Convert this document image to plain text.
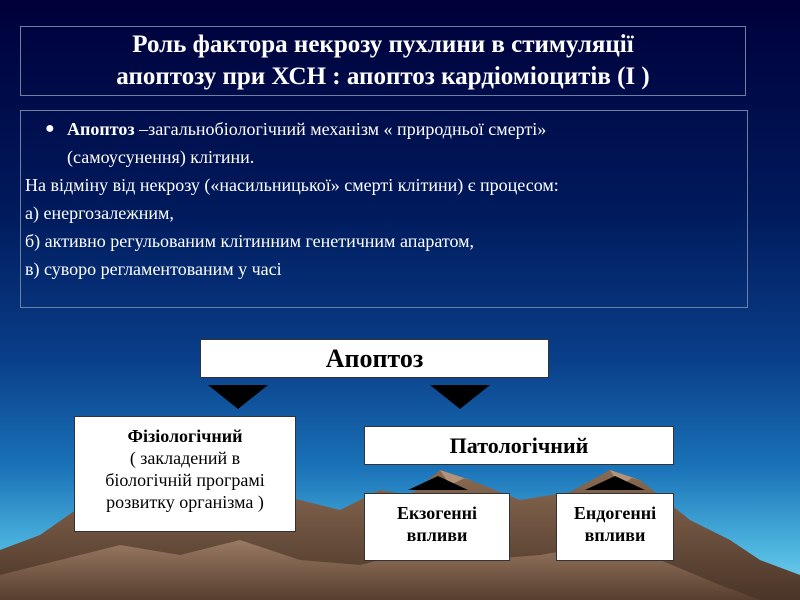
Роль фактора некрозу пухлини в стимуляції
апоптозу при ХСН : апоптоз кардіоміоцитів (І )
● Апоптоз –загальнобіологічний механізм « природньої смерті»
(самоусунення) клітини.
На відміну від некрозу («насильницької» смерті клітини) є процесом:
а) енергозалежним,
б) активно регульованим клітинним генетичним апаратом,
в) суворо регламентованим у часі
Апоптоз
Фізіологічний
( закладений в
біологічній програмі
розвитку організма )
Патологічний
Екзогенні
впливи
Ендогенні
впливи
